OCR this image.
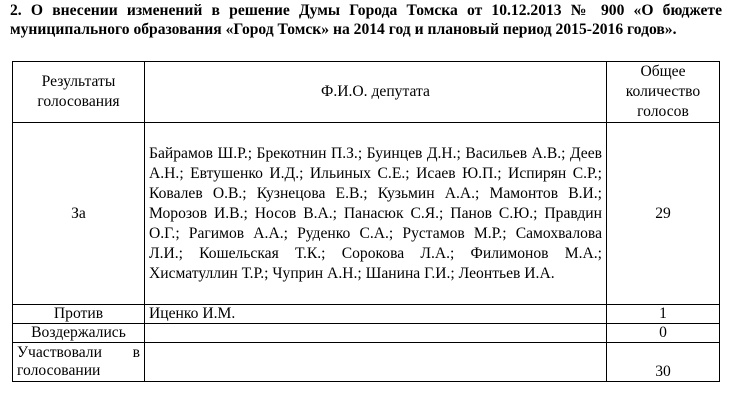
2. О внесении изменений в решение Думы Города Томска от 10.12.2013 № 900 «О бюджете муниципального образования «Город Томск» на 2014 год и плановый период 2015-2016 годов».
Результаты голосования	Ф.И.О. депутата	Общее количество голосов
За	Байрамов Ш.Р.; Брекотнин П.З.; Буинцев Д.Н.; Васильев А.В.; Деев А.Н.; Евтушенко И.Д.; Ильиных С.Е.; Исаев Ю.П.; Испирян С.Р.; Ковалев О.В.; Кузнецова Е.В.; Кузьмин А.А.; Мамонтов В.И.; Морозов И.В.; Носов В.А.; Панасюк С.Я.; Панов С.Ю.; Правдин О.Г.; Рагимов А.А.; Руденко С.А.; Рустамов М.Р.; Самохвалова Л.И.; Кошельская Т.К.; Сорокова Л.А.; Филимонов М.А.; Хисматуллин Т.Р.; Чуприн А.Н.; Шанина Г.И.; Леонтьев И.А.	29
Против	Иценко И.М.	1
Воздержались		0
Участвовали в голосовании		30
